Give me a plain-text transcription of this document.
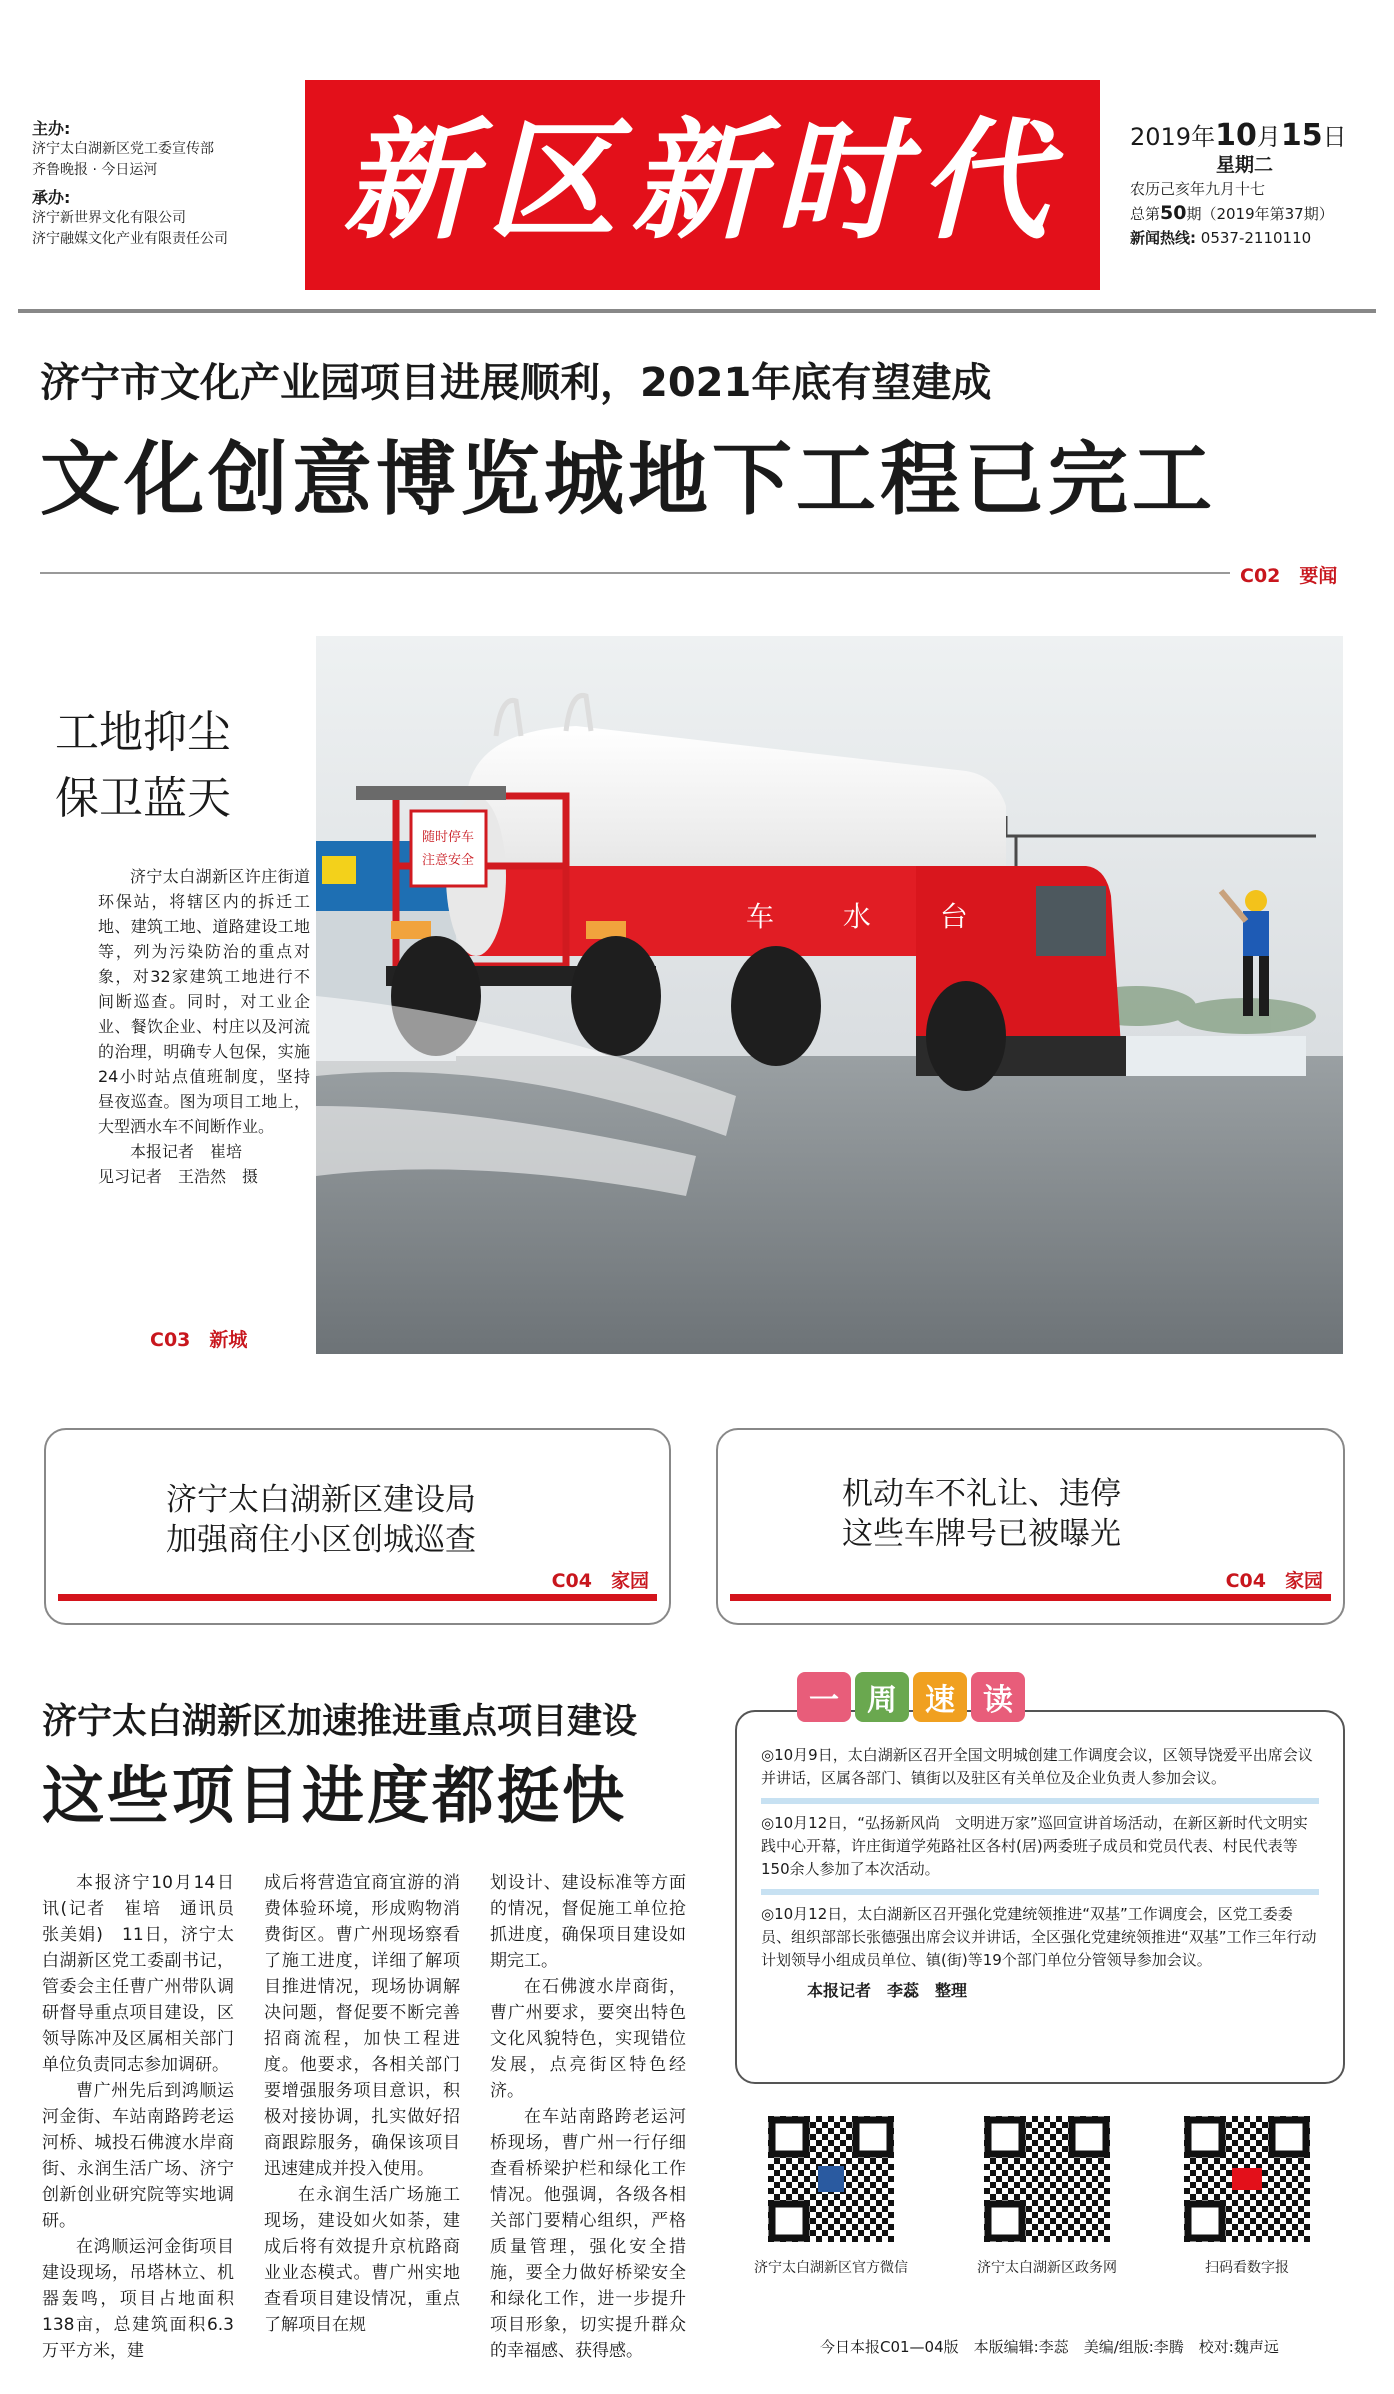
主办:
济宁太白湖新区党工委宣传部
齐鲁晚报 · 今日运河
承办:
济宁新世界文化有限公司
济宁融媒文化产业有限责任公司 新区新时代	2019年10月15日
星期二
农历己亥年九月十七
总第50期（2019年第37期）
新闻热线: 0537-2110110
济宁市文化产业园项目进展顺利，2021年底有望建成
文化创意博览城地下工程已完工
C02　 要闻
工地抑尘
保卫蓝天
济宁太白湖新区许庄街道环保站，将辖区内的拆迁工地、建筑工地、道路建设工地等，列为污染防治的重点对象，对32家建筑工地进行不间断巡查。同时，对工业企业、餐饮企业、村庄以及河流的治理，明确专人包保，实施24小时站点值班制度，坚持昼夜巡查。图为项目工地上，大型洒水车不间断作业。
本报记者　崔培
见习记者　王浩然　摄
C03　 新城
随时停车
注意安全
车 水 台
济宁太白湖新区建设局
加强商住小区创城巡查
C04　 家园
机动车不礼让、违停
这些车牌号已被曝光
C04　 家园
济宁太白湖新区加速推进重点项目建设
这些项目进度都挺快

本报济宁10月14日讯(记者　崔培　通讯员　张美娟)　11日，济宁太白湖新区党工委副书记，管委会主任曹广州带队调研督导重点项目建设，区领导陈冲及区属相关部门单位负责同志参加调研。

曹广州先后到鸿顺运河金街、车站南路跨老运河桥、城投石佛渡水岸商街、永润生活广场、济宁创新创业研究院等实地调研。

在鸿顺运河金街项目建设现场，吊塔林立、机器轰鸣，项目占地面积138亩，总建筑面积6.3万平方米，建

成后将营造宜商宜游的消费体验环境，形成购物消费街区。曹广州现场察看了施工进度，详细了解项目推进情况，现场协调解决问题，督促要不断完善招商流程，加快工程进度。他要求，各相关部门要增强服务项目意识，积极对接协调，扎实做好招商跟踪服务，确保该项目迅速建成并投入使用。

在永润生活广场施工现场，建设如火如荼，建成后将有效提升京杭路商业业态模式。曹广州实地查看项目建设情况，重点了解项目在规

划设计、建设标准等方面的情况，督促施工单位抢抓进度，确保项目建设如期完工。

在石佛渡水岸商街，曹广州要求，要突出特色文化风貌特色，实现错位发展，点亮街区特色经济。

在车站南路跨老运河桥现场，曹广州一行仔细查看桥梁护栏和绿化工作情况。他强调，各级各相关部门要精心组织，严格质量管理，强化安全措施，要全力做好桥梁安全和绿化工作，进一步提升项目形象，切实提升群众的幸福感、获得感。

一 周 速 读
◎10月9日，太白湖新区召开全国文明城创建工作调度会议，区领导饶爱平出席会议并讲话，区属各部门、镇街以及驻区有关单位及企业负责人参加会议。
◎10月12日，“弘扬新风尚　文明进万家”巡回宣讲首场活动，在新区新时代文明实践中心开幕，许庄街道学苑路社区各村(居)两委班子成员和党员代表、村民代表等150余人参加了本次活动。
◎10月12日，太白湖新区召开强化党建统领推进“双基”工作调度会，区党工委委员、组织部部长张德强出席会议并讲话，全区强化党建统领推进“双基”工作三年行动计划领导小组成员单位、镇(街)等19个部门单位分管领导参加会议。
本报记者　李蕊　整理
济宁太白湖新区官方微信	济宁太白湖新区政务网	扫码看数字报
今日本报C01—04版　本版编辑:李蕊　美编/组版:李腾　校对:魏声远
